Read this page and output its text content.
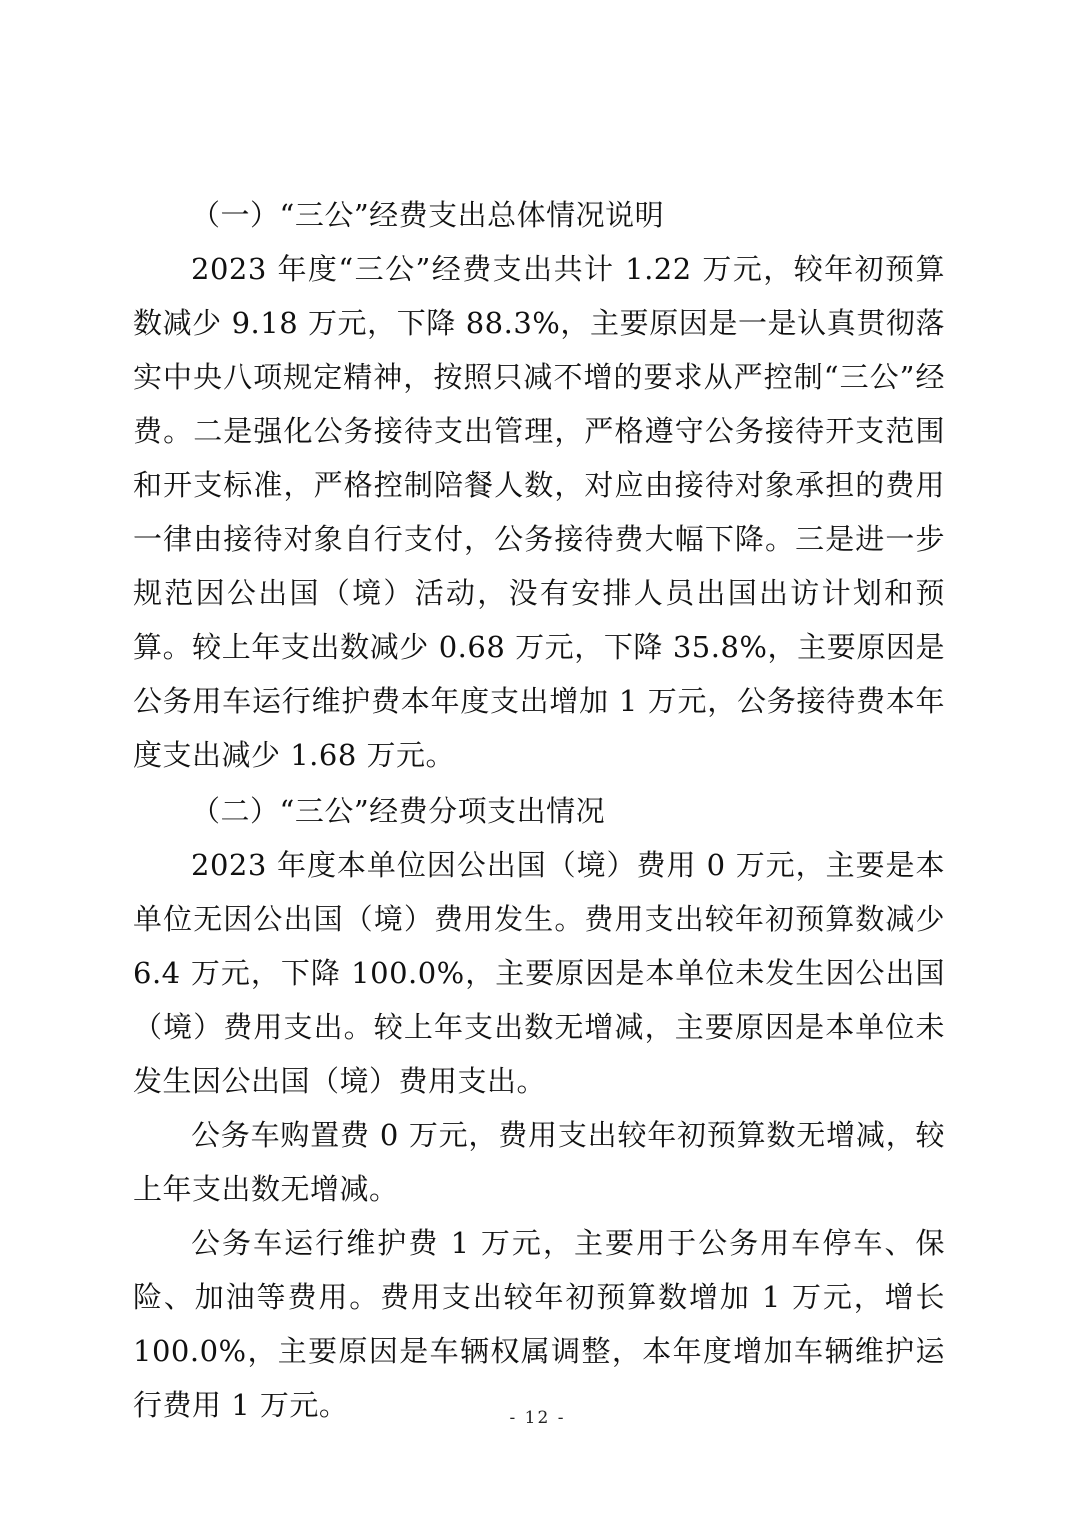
（一）“三公”经费支出总体情况说明

2023 年度“三公”经费支出共计 1.22 万元，较年初预算数减少 9.18 万元，下降 88.3%，主要原因是一是认真贯彻落实中央八项规定精神，按照只减不增的要求从严控制“三公”经费。二是强化公务接待支出管理，严格遵守公务接待开支范围和开支标准，严格控制陪餐人数，对应由接待对象承担的费用一律由接待对象自行支付，公务接待费大幅下降。三是进一步规范因公出国（境）活动，没有安排人员出国出访计划和预算。较上年支出数减少 0.68 万元，下降 35.8%，主要原因是公务用车运行维护费本年度支出增加 1 万元，公务接待费本年度支出减少 1.68 万元。

（二）“三公”经费分项支出情况

2023 年度本单位因公出国（境）费用 0 万元，主要是本单位无因公出国（境）费用发生。费用支出较年初预算数减少 6.4 万元，下降 100.0%，主要原因是本单位未发生因公出国（境）费用支出。较上年支出数无增减，主要原因是本单位未发生因公出国（境）费用支出。

公务车购置费 0 万元，费用支出较年初预算数无增减，较上年支出数无增减。

公务车运行维护费 1 万元，主要用于公务用车停车、保险、加油等费用。费用支出较年初预算数增加 1 万元，增长 100.0%，主要原因是车辆权属调整，本年度增加车辆维护运行费用 1 万元。	- 12 -
